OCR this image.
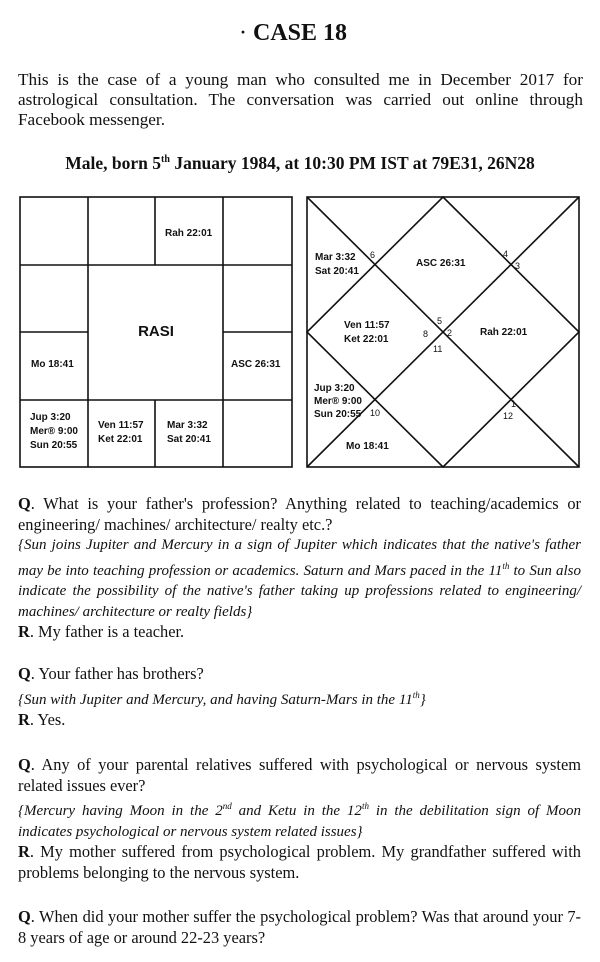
· CASE 18

This is the case of a young man who consulted me in December 2017 for astrological consultation. The conversation was carried out online through Facebook messenger.

Male, born 5th January 1984, at 10:30 PM IST at 79E31, 26N28
Rah 22:01
RASI
Mo 18:41	ASC 26:31
Jup 3:20
Mer® 9:00
Sun 20:55
Ven 11:57
Ket 22:01
Mar 3:32
Sat 20:41
Mar 3:32
Sat 20:41
6
ASC 26:31
4
3
Ven 11:57
Ket 22:01
5
8 2
11
Rah 22:01
Jup 3:20
Mer® 9:00
Sun 20:55 10
1
12
Mo 18:41

Q. What is your father's profession? Anything related to teaching/academics or engineering/ machines/ architecture/ realty etc.?

{Sun joins Jupiter and Mercury in a sign of Jupiter which indicates that the native's father may be into teaching profession or academics. Saturn and Mars paced in the 11th to Sun also indicate the possibility of the native's father taking up professions related to engineering/ machines/ architecture or realty fields}

R. My father is a teacher.

Q. Your father has brothers?

{Sun with Jupiter and Mercury, and having Saturn-Mars in the 11th}

R. Yes.

Q. Any of your parental relatives suffered with psychological or nervous system related issues ever?

{Mercury having Moon in the 2nd and Ketu in the 12th in the debilitation sign of Moon indicates psychological or nervous system related issues}

R. My mother suffered from psychological problem. My grandfather suffered with problems belonging to the nervous system.

Q. When did your mother suffer the psychological problem? Was that around your 7-8 years of age or around 22-23 years?
